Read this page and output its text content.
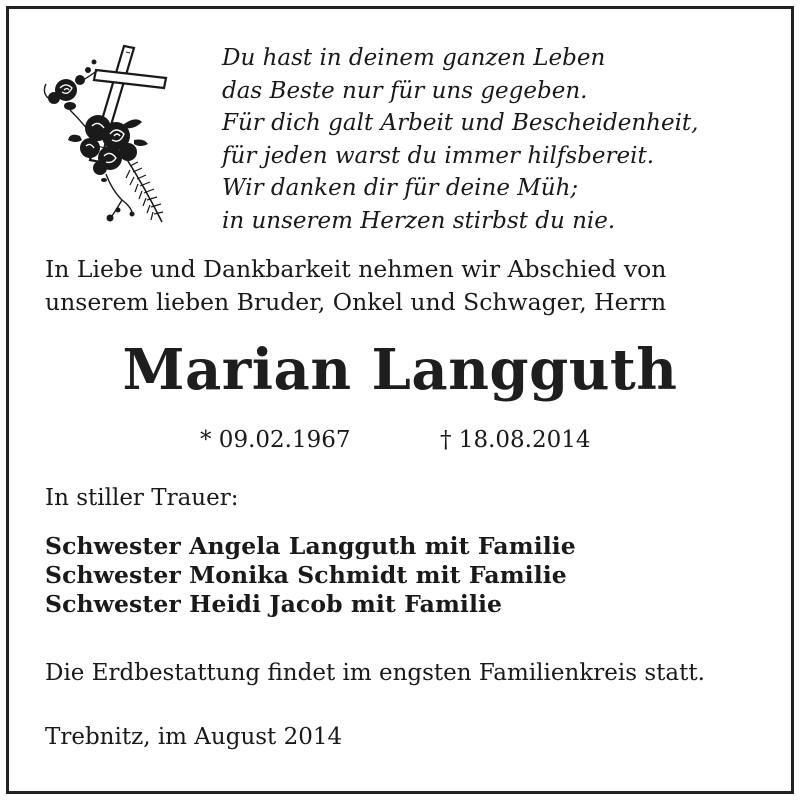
Du hast in deinem ganzen Leben
das Beste nur für uns gegeben.
Für dich galt Arbeit und Bescheidenheit,
für jeden warst du immer hilfsbereit.
Wir danken dir für deine Müh;
in unserem Herzen stirbst du nie.
In Liebe und Dankbarkeit nehmen wir Abschied von
unserem lieben Bruder, Onkel und Schwager, Herrn
Marian Langguth
* 09.02.1967	† 18.08.2014
In stiller Trauer:
Schwester Angela Langguth mit Familie
Schwester Monika Schmidt mit Familie
Schwester Heidi Jacob mit Familie
Die Erdbestattung findet im engsten Familienkreis statt.
Trebnitz, im August 2014
